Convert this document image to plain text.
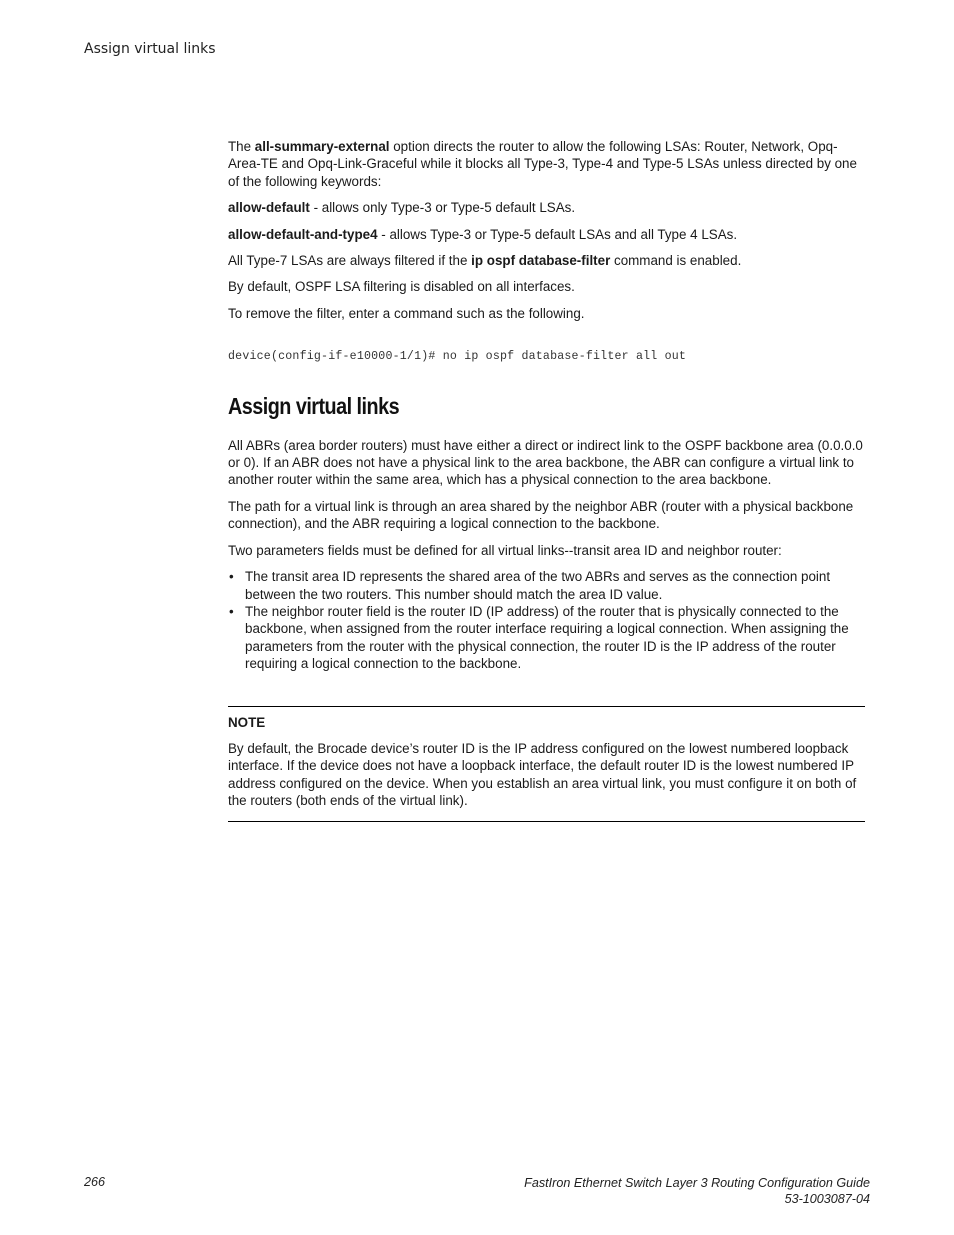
Assign virtual links

The all-summary-external option directs the router to allow the following LSAs: Router, Network, Opq-Area-TE and Opq-Link-Graceful while it blocks all Type-3, Type-4 and Type-5 LSAs unless directed by one of the following keywords:

allow-default - allows only Type-3 or Type-5 default LSAs.

allow-default-and-type4 - allows Type-3 or Type-5 default LSAs and all Type 4 LSAs.

All Type-7 LSAs are always filtered if the ip ospf database-filter command is enabled.

By default, OSPF LSA filtering is disabled on all interfaces.

To remove the filter, enter a command such as the following.

device(config-if-e10000-1/1)# no ip ospf database-filter all out
Assign virtual links

All ABRs (area border routers) must have either a direct or indirect link to the OSPF backbone area (0.0.0.0 or 0). If an ABR does not have a physical link to the area backbone, the ABR can configure a virtual link to another router within the same area, which has a physical connection to the area backbone.

The path for a virtual link is through an area shared by the neighbor ABR (router with a physical backbone connection), and the ABR requiring a logical connection to the backbone.

Two parameters fields must be defined for all virtual links--transit area ID and neighbor router:

• The transit area ID represents the shared area of the two ABRs and serves as the connection point between the two routers. This number should match the area ID value.
• The neighbor router field is the router ID (IP address) of the router that is physically connected to the backbone, when assigned from the router interface requiring a logical connection. When assigning the parameters from the router with the physical connection, the router ID is the IP address of the router requiring a logical connection to the backbone.

NOTE

By default, the Brocade device’s router ID is the IP address configured on the lowest numbered loopback interface. If the device does not have a loopback interface, the default router ID is the lowest numbered IP address configured on the device. When you establish an area virtual link, you must configure it on both of the routers (both ends of the virtual link).

266	FastIron Ethernet Switch Layer 3 Routing Configuration Guide
53-1003087-04
